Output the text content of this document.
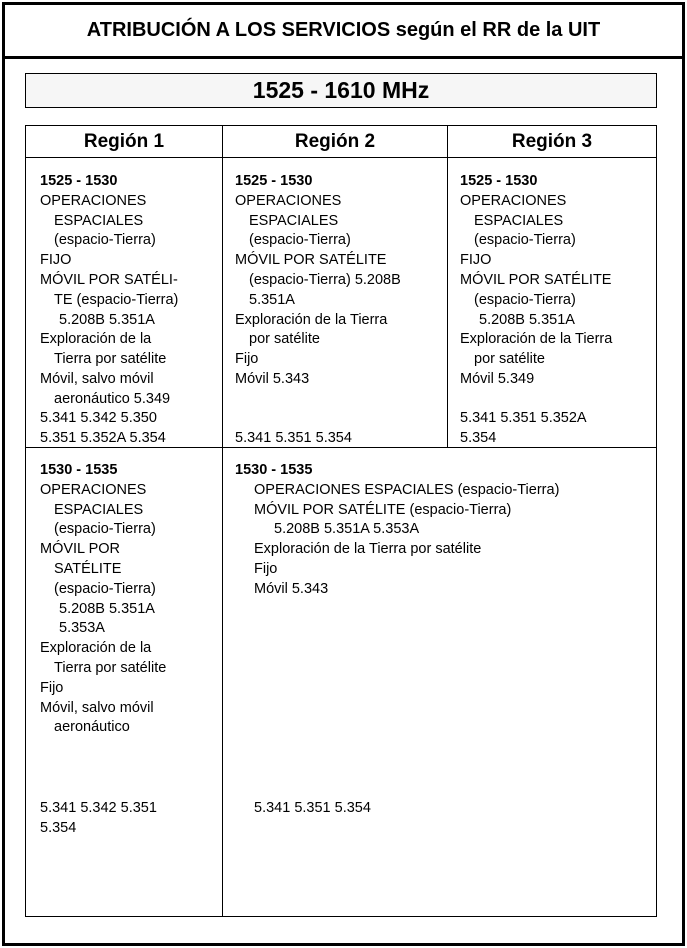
ATRIBUCIÓN A LOS SERVICIOS según el RR de la UIT
1525 - 1610 MHz
Región 1	Región 2	Región 3
1525 - 1530
OPERACIONES
ESPACIALES
(espacio-Tierra)
FIJO
MÓVIL POR SATÉLI-
TE (espacio-Tierra)
5.208B 5.351A
Exploración de la
Tierra por satélite
Móvil, salvo móvil
aeronáutico 5.349
5.341 5.342 5.350
5.351 5.352A 5.354
1525 - 1530
OPERACIONES
ESPACIALES
(espacio-Tierra)
MÓVIL POR SATÉLITE
(espacio-Tierra) 5.208B
5.351A
Exploración de la Tierra
por satélite
Fijo
Móvil 5.343
5.341 5.351 5.354
1525 - 1530
OPERACIONES
ESPACIALES
(espacio-Tierra)
FIJO
MÓVIL POR SATÉLITE
(espacio-Tierra)
5.208B 5.351A
Exploración de la Tierra
por satélite
Móvil 5.349
5.341 5.351 5.352A
5.354
1530 - 1535
OPERACIONES
ESPACIALES
(espacio-Tierra)
MÓVIL POR
SATÉLITE
(espacio-Tierra)
5.208B 5.351A
5.353A
Exploración de la
Tierra por satélite
Fijo
Móvil, salvo móvil
aeronáutico
5.341 5.342 5.351
5.354
1530 - 1535
OPERACIONES ESPACIALES (espacio-Tierra)
MÓVIL POR SATÉLITE (espacio-Tierra)
5.208B 5.351A 5.353A
Exploración de la Tierra por satélite
Fijo
Móvil 5.343
5.341 5.351 5.354
